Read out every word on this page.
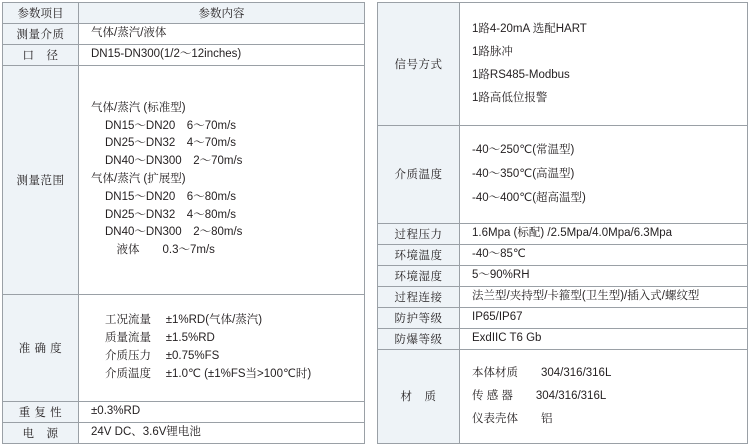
参数项目	参数内容
测量介质	气体/蒸汽/液体
口　径	DN15-DN300(1/2～12inches)
测量范围	
气体/蒸汽 (标准型)
DN15～DN20　6～70m/s
DN25～DN32　4～70m/s
DN40～DN300　2～70m/s
气体/蒸汽 (扩展型)
DN15～DN20　6～80m/s
DN25～DN32　4～80m/s
DN40～DN300　2～80m/s
　液体　　0.3～7m/s

准 确 度	工况流量　 ±1%RD(气体/蒸汽)
质量流量　 ±1.5%RD
介质压力　 ±0.75%FS
介质温度　 ±1.0℃ (±1%FS当>100℃时)

重 复 性	±0.3%RD
电　源	24V DC、3.6V锂电池
信号方式	1路4-20mA 选配HART
1路脉冲
1路RS485-Modbus
1路高低位报警

介质温度	-40～250℃(常温型)
-40～350℃(高温型)
-40～400℃(超高温型)

过程压力	1.6Mpa (标配) /2.5Mpa/4.0Mpa/6.3Mpa
环境温度	-40～85℃
环境湿度	5～90%RH
过程连接	法兰型/夹持型/卡箍型(卫生型)/插入式/螺纹型
防护等级	IP65/IP67
防爆等级	ExdIIC T6 Gb
材　质	本体材质　　304/316/316L
传 感 器　　304/316/316L
仪表壳体　　铝
